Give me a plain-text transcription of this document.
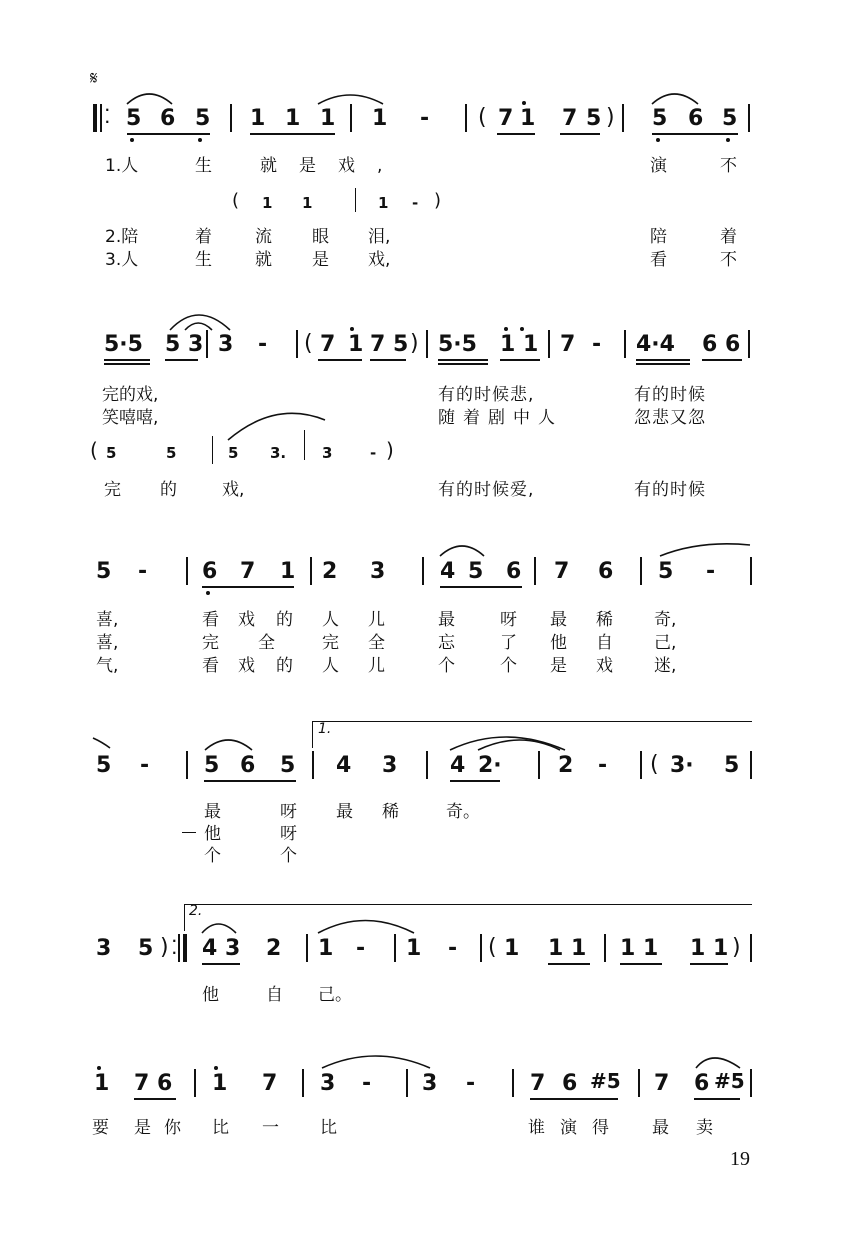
𝄋
·
· 5 6 5 1 1 1 1 - ( 7 1 7 5 ) 5 6 5
1.人	生	就是戏,	演	不
( 1 1	1 - )
2.陪	着	流 眼 泪,	陪	着
3.人	生	就 是 戏,	看	不
5·5 5 3 3 - ( 7 1 7 5 ) 5·5 1 1 7 - 4·4 6 6
完的戏,	有的时候悲,	有的时候
笑嘻嘻,	随着剧中人	忽悲又忽
( 5	5	5 3. 3	- )
完 的	戏,	有的时候爱,	有的时候
5 - 6 7 1 2 3 4 5 6 7 6 5 -
喜,	看 戏 的 人 儿	最	呀 最 稀 奇,
喜,	完 全	完 全	忘	了 他 自 己,
气,	看 戏 的 人 儿	个	个 是 戏 迷,
1.
5 - 5 6 5 4 3 4 2·	2 - ( 3· 5
最	呀 最 稀	奇。
他	呀
个	个
2.
3 5 ) ·
· 4 3 2 1 - 1 - ( 1 1 1 1 1 1 1 )
他	自 己。
1 7 6 1 7 3 - 3 - 7 6 #5 7 6 #5
要 是 你 比 一 比	谁 演 得	最 卖
19
